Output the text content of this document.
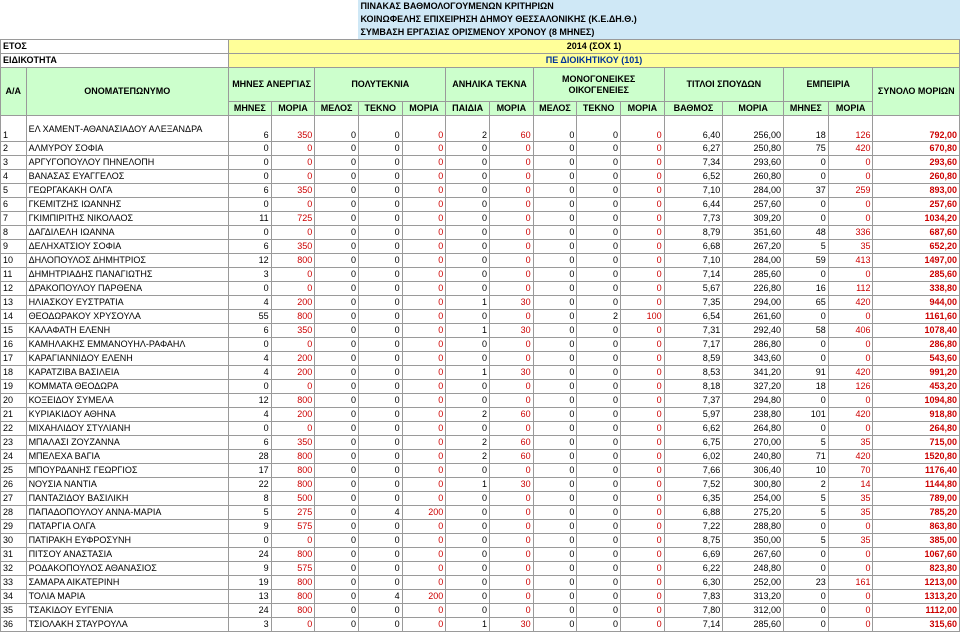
					ΠΙΝΑΚΑΣ ΒΑΘΜΟΛΟΓΟΥΜΕΝΩΝ ΚΡΙΤΗΡΙΩΝ											
					ΚΟΙΝΩΦΕΛΗΣ ΕΠΙΧΕΙΡΗΣΗ ΔΗΜΟΥ ΘΕΣΣΑΛΟΝΙΚΗΣ (Κ.Ε.ΔΗ.Θ.)											
					ΣΥΜΒΑΣΗ ΕΡΓΑΣΙΑΣ ΟΡΙΣΜΕΝΟΥ ΧΡΟΝΟΥ (8 ΜΗΝΕΣ)											
ΕΤΟΣ		2014 (ΣΟΧ 1)														
ΕΙΔΙΚΟΤΗΤΑ		ΠΕ ΔΙΟΙΚΗΤΙΚΟΥ (101)														
Α/Α	ΟΝΟΜΑΤΕΠΩΝΥΜΟ	ΜΗΝΕΣ ΑΝΕΡΓΙΑΣ		ΠΟΛΥΤΕΚΝΙΑ			ΑΝΗΛΙΚΑ ΤΕΚΝΑ		ΜΟΝΟΓΟΝΕΙΚΕΣ ΟΙΚΟΓΕΝΕΙΕΣ			ΤΙΤΛΟΙ ΣΠΟΥΔΩΝ		ΕΜΠΕΙΡΙΑ		ΣΥΝΟΛΟ ΜΟΡΙΩΝ
		ΜΗΝΕΣ	ΜΟΡΙΑ	ΜΕΛΟΣ	ΤΕΚΝΟ	ΜΟΡΙΑ	ΠΑΙΔΙΑ	ΜΟΡΙΑ	ΜΕΛΟΣ	ΤΕΚΝΟ	ΜΟΡΙΑ	ΒΑΘΜΟΣ	ΜΟΡΙΑ	ΜΗΝΕΣ	ΜΟΡΙΑ	
1	ΕΛ ΧΑΜΕΝΤ-ΑΘΑΝΑΣΙΑΔΟΥ ΑΛΕΞΑΝΔΡΑ	6	350	0	0	0	2	60	0	0	0	6,40	256,00	18	126	792,00
2	ΑΛΜΥΡΟΥ ΣΟΦΙΑ	0	0	0	0	0	0	0	0	0	0	6,27	250,80	75	420	670,80
3	ΑΡΓΥΓΟΠΟΥΛΟΥ ΠΗΝΕΛΟΠΗ	0	0	0	0	0	0	0	0	0	0	7,34	293,60	0	0	293,60
4	ΒΑΝΑΣΑΣ ΕΥΑΓΓΕΛΟΣ	0	0	0	0	0	0	0	0	0	0	6,52	260,80	0	0	260,80
5	ΓΕΩΡΓΑΚΑΚΗ ΟΛΓΑ	6	350	0	0	0	0	0	0	0	0	7,10	284,00	37	259	893,00
6	ΓΚΕΜΙΤΖΗΣ ΙΩΑΝΝΗΣ	0	0	0	0	0	0	0	0	0	0	6,44	257,60	0	0	257,60
7	ΓΚΙΜΠΙΡΙΤΗΣ ΝΙΚΟΛΑΟΣ	11	725	0	0	0	0	0	0	0	0	7,73	309,20	0	0	1034,20
8	ΔΑΓΔΙΛΕΛΗ ΙΩΑΝΝΑ	0	0	0	0	0	0	0	0	0	0	8,79	351,60	48	336	687,60
9	ΔΕΛΗΧΑΤΣΙΟΥ ΣΟΦΙΑ	6	350	0	0	0	0	0	0	0	0	6,68	267,20	5	35	652,20
10	ΔΗΛΟΠΟΥΛΟΣ ΔΗΜΗΤΡΙΟΣ	12	800	0	0	0	0	0	0	0	0	7,10	284,00	59	413	1497,00
11	ΔΗΜΗΤΡΙΑΔΗΣ ΠΑΝΑΓΙΩΤΗΣ	3	0	0	0	0	0	0	0	0	0	7,14	285,60	0	0	285,60
12	ΔΡΑΚΟΠΟΥΛΟΥ ΠΑΡΘΕΝΑ	0	0	0	0	0	0	0	0	0	0	5,67	226,80	16	112	338,80
13	ΗΛΙΑΣΚΟΥ ΕΥΣΤΡΑΤΙΑ	4	200	0	0	0	1	30	0	0	0	7,35	294,00	65	420	944,00
14	ΘΕΟΔΩΡΑΚΟΥ ΧΡΥΣΟΥΛΑ	55	800	0	0	0	0	0	0	2	100	6,54	261,60	0	0	1161,60
15	ΚΑΛΑΦΑΤΗ ΕΛΕΝΗ	6	350	0	0	0	1	30	0	0	0	7,31	292,40	58	406	1078,40
16	ΚΑΜΗΛΑΚΗΣ ΕΜΜΑΝΟΥΗΛ-ΡΑΦΑΗΛ	0	0	0	0	0	0	0	0	0	0	7,17	286,80	0	0	286,80
17	ΚΑΡΑΓΙΑΝΝΙΔΟΥ ΕΛΕΝΗ	4	200	0	0	0	0	0	0	0	0	8,59	343,60	0	0	543,60
18	ΚΑΡΑΤΖΙΒΑ ΒΑΣΙΛΕΙΑ	4	200	0	0	0	1	30	0	0	0	8,53	341,20	91	420	991,20
19	ΚΟΜΜΑΤΑ ΘΕΟΔΩΡΑ	0	0	0	0	0	0	0	0	0	0	8,18	327,20	18	126	453,20
20	ΚΟΞΕΙΔΟΥ ΣΥΜΕΛΑ	12	800	0	0	0	0	0	0	0	0	7,37	294,80	0	0	1094,80
21	ΚΥΡΙΑΚΙΔΟΥ ΑΘΗΝΑ	4	200	0	0	0	2	60	0	0	0	5,97	238,80	101	420	918,80
22	ΜΙΧΑΗΛΙΔΟΥ ΣΤΥΛΙΑΝΗ	0	0	0	0	0	0	0	0	0	0	6,62	264,80	0	0	264,80
23	ΜΠΑΛΑΣΙ ΖΟΥΖΑΝΝΑ	6	350	0	0	0	2	60	0	0	0	6,75	270,00	5	35	715,00
24	ΜΠΕΛΕΧΑ ΒΑΓΙΑ	28	800	0	0	0	2	60	0	0	0	6,02	240,80	71	420	1520,80
25	ΜΠΟΥΡΔΑΝΗΣ ΓΕΩΡΓΙΟΣ	17	800	0	0	0	0	0	0	0	0	7,66	306,40	10	70	1176,40
26	ΝΟΥΣΙΑ ΝΑΝΤΙΑ	22	800	0	0	0	1	30	0	0	0	7,52	300,80	2	14	1144,80
27	ΠΑΝΤΑΖΙΔΟΥ ΒΑΣΙΛΙΚΗ	8	500	0	0	0	0	0	0	0	0	6,35	254,00	5	35	789,00
28	ΠΑΠΑΔΟΠΟΥΛΟΥ ΑΝΝΑ-ΜΑΡΙΑ	5	275	0	4	200	0	0	0	0	0	6,88	275,20	5	35	785,20
29	ΠΑΤΑΡΓΙΑ ΟΛΓΑ	9	575	0	0	0	0	0	0	0	0	7,22	288,80	0	0	863,80
30	ΠΑΤΙΡΑΚΗ ΕΥΦΡΟΣΥΝΗ	0	0	0	0	0	0	0	0	0	0	8,75	350,00	5	35	385,00
31	ΠΙΤΣΟΥ ΑΝΑΣΤΑΣΙΑ	24	800	0	0	0	0	0	0	0	0	6,69	267,60	0	0	1067,60
32	ΡΟΔΑΚΟΠΟΥΛΟΣ ΑΘΑΝΑΣΙΟΣ	9	575	0	0	0	0	0	0	0	0	6,22	248,80	0	0	823,80
33	ΣΑΜΑΡΑ ΑΙΚΑΤΕΡΙΝΗ	19	800	0	0	0	0	0	0	0	0	6,30	252,00	23	161	1213,00
34	ΤΟΛΙΑ ΜΑΡΙΑ	13	800	0	4	200	0	0	0	0	0	7,83	313,20	0	0	1313,20
35	ΤΣΑΚΙΔΟΥ ΕΥΓΕΝΙΑ	24	800	0	0	0	0	0	0	0	0	7,80	312,00	0	0	1112,00
36	ΤΣΙΟΛΑΚΗ ΣΤΑΥΡΟΥΛΑ	3	0	0	0	0	1	30	0	0	0	7,14	285,60	0	0	315,60
